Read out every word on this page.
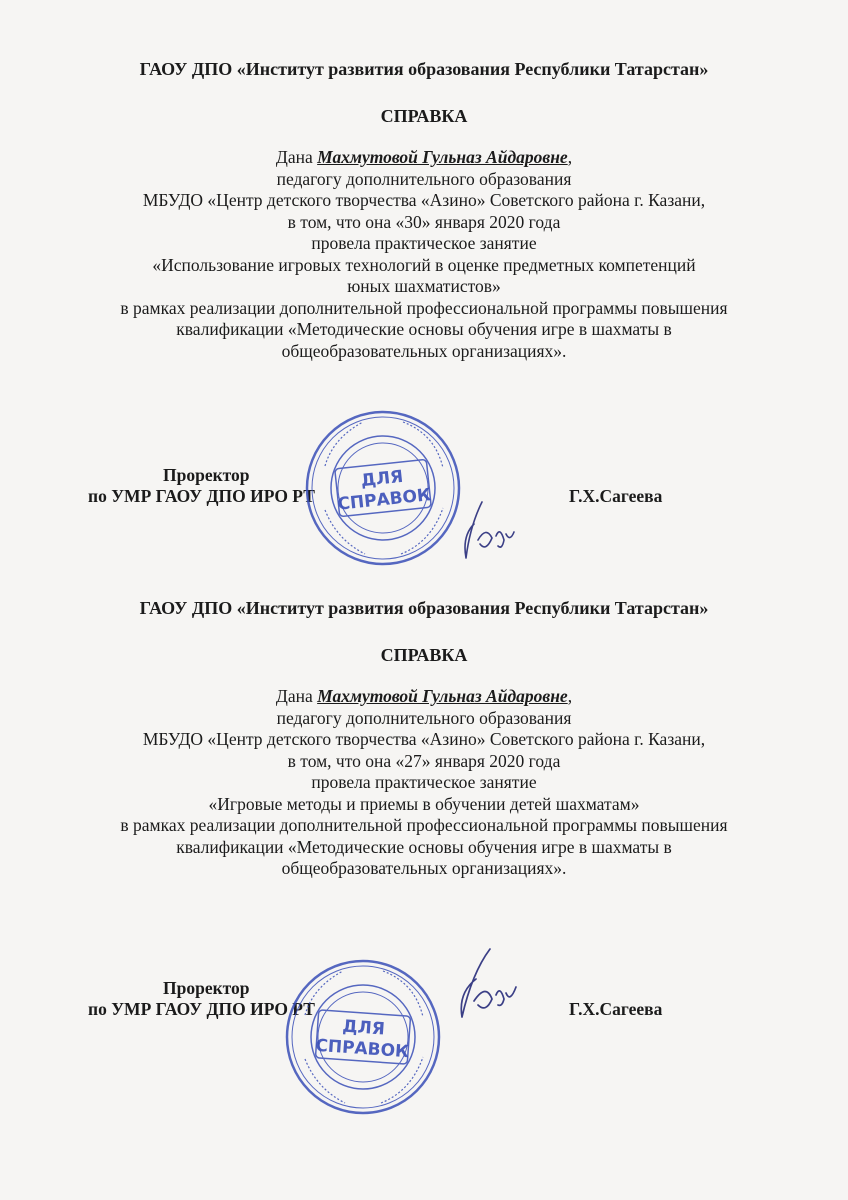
ГАОУ ДПО «Институт развития образования Республики Татарстан»

СПРАВКА

Дана Махмутовой Гульназ Айдаровне,
педагогу дополнительного образования
МБУДО «Центр детского творчества «Азино» Советского района г. Казани,
в том, что она «30» января 2020 года
провела практическое занятие
«Использование игровых технологий в оценке предметных компетенций
юных шахматистов»
в рамках реализации дополнительной профессиональной программы повышения
квалификации «Методические основы обучения игре в шахматы в
общеобразовательных организациях».
Проректор
по УМР ГАОУ ДПО ИРО РТ	Г.Х.Сагеева
ДЛЯ
СПРАВОК

ГАОУ ДПО «Институт развития образования Республики Татарстан»

СПРАВКА

Дана Махмутовой Гульназ Айдаровне,
педагогу дополнительного образования
МБУДО «Центр детского творчества «Азино» Советского района г. Казани,
в том, что она «27» января 2020 года
провела практическое занятие
«Игровые методы и приемы в обучении детей шахматам»
в рамках реализации дополнительной профессиональной программы повышения
квалификации «Методические основы обучения игре в шахматы в
общеобразовательных организациях».
Проректор
по УМР ГАОУ ДПО ИРО РТ	Г.Х.Сагеева
ДЛЯ
СПРАВОК
